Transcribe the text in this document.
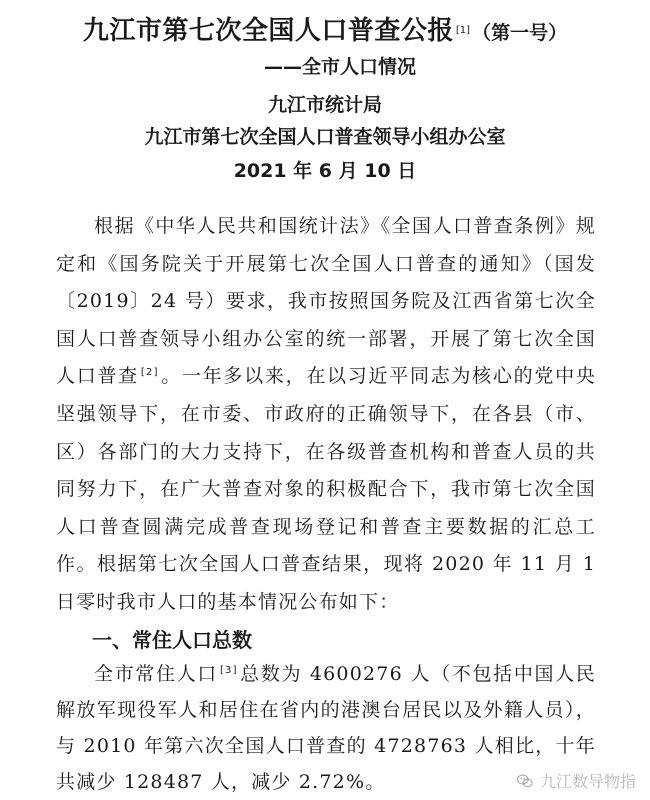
九江市第七次全国人口普查公报 [1] （第一号）
——全市人口情况
九江市统计局
九江市第七次全国人口普查领导小组办公室
2021 年 6 月 10 日

根据《中华人民共和国统计法》《全国人口普查条例》规定和《国务院关于开展第七次全国人口普查的通知》（国发〔2019〕24 号）要求，我市按照国务院及江西省第七次全国人口普查领导小组办公室的统一部署，开展了第七次全国人口普查 [2] 。一年多以来，在以习近平同志为核心的党中央坚强领导下，在市委、市政府的正确领导下，在各县（市、区）各部门的大力支持下，在各级普查机构和普查人员的共同努力下，在广大普查对象的积极配合下，我市第七次全国人口普查圆满完成普查现场登记和普查主要数据的汇总工作。根据第七次全国人口普查结果，现将 2020 年 11 月 1 日零时我市人口的基本情况公布如下：

一、常住人口总数

全市常住人口 [3] 总数为 4600276 人（不包括中国人民解放军现役军人和居住在省内的港澳台居民以及外籍人员），与 2010 年第六次全国人口普查的 4728763 人相比，十年共减少 128487 人，减少 2.72%。	九江数导物指
